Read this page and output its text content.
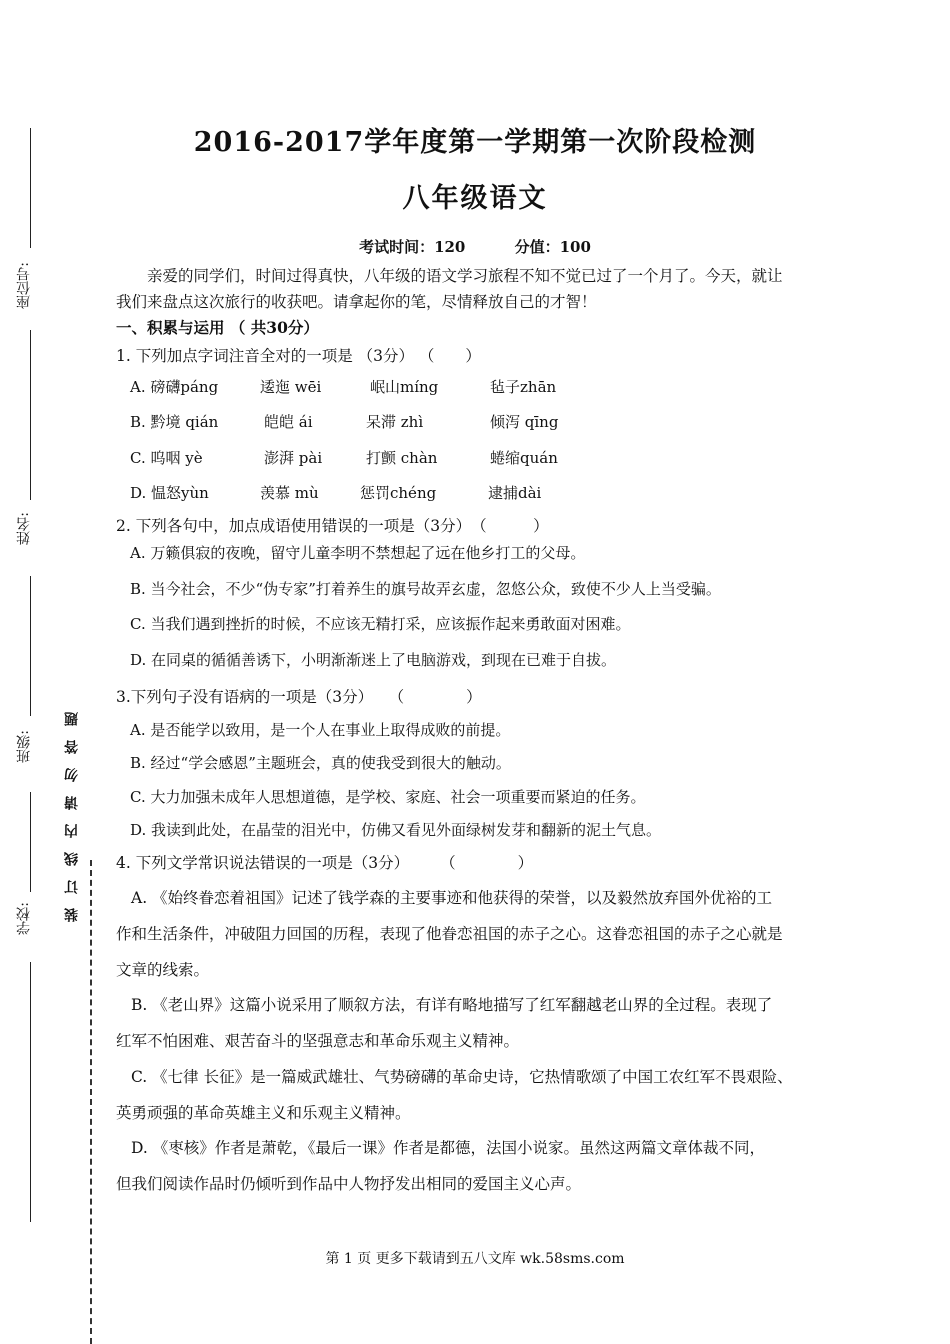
座位号:
姓名:
班级:
学校: 装订线内请勿答题
2016-2017学年度第一学期第一次阶段检测
八年级语文
考试时间：120	分值：100
亲爱的同学们，时间过得真快，八年级的语文学习旅程不知不觉已过了一个月了。今天，就让
我们来盘点这次旅行的收获吧。请拿起你的笔，尽情释放自己的才智！
一、积累与运用 （ 共30分）
1. 下列加点字词注音全对的一项是 （3分） （　　）
A. 磅礴páng	逶迤 wēi	岷山míng	毡子zhān
B. 黔境 qián	皑皑 ái	呆滞 zhì	倾泻 qīng
C. 呜咽 yè	澎湃 pài	打颤 chàn	蜷缩quán
D. 愠怒yùn	羡慕 mù	惩罚chéng	逮捕dài
2. 下列各句中，加点成语使用错误的一项是（3分）　（　　　）
A. 万籁俱寂的夜晚，留守儿童李明不禁想起了远在他乡打工的父母。
B. 当今社会，不少“伪专家”打着养生的旗号故弄玄虚，忽悠公众，致使不少人上当受骗。
C. 当我们遇到挫折的时候，不应该无精打采，应该振作起来勇敢面对困难。
D. 在同桌的循循善诱下，小明渐渐迷上了电脑游戏，到现在已难于自拔。
3.下列句子没有语病的一项是（3分）　　（　　　　）
A. 是否能学以致用，是一个人在事业上取得成败的前提。
B. 经过“学会感恩”主题班会，真的使我受到很大的触动。
C. 大力加强未成年人思想道德，是学校、家庭、社会一项重要而紧迫的任务。
D. 我读到此处，在晶莹的泪光中，仿佛又看见外面绿树发芽和翻新的泥土气息。
4. 下列文学常识说法错误的一项是（3分）　　　（　　　　）
A. 《始终眷恋着祖国》记述了钱学森的主要事迹和他获得的荣誉，以及毅然放弃国外优裕的工
作和生活条件，冲破阻力回国的历程，表现了他眷恋祖国的赤子之心。这眷恋祖国的赤子之心就是
文章的线索。
B. 《老山界》这篇小说采用了顺叙方法，有详有略地描写了红军翻越老山界的全过程。表现了
红军不怕困难、艰苦奋斗的坚强意志和革命乐观主义精神。
C. 《七律 长征》是一篇威武雄壮、气势磅礴的革命史诗，它热情歌颂了中国工农红军不畏艰险、
英勇顽强的革命英雄主义和乐观主义精神。
D. 《枣核》作者是萧乾，《最后一课》作者是都德，法国小说家。虽然这两篇文章体裁不同，
但我们阅读作品时仍倾听到作品中人物抒发出相同的爱国主义心声。
第 1 页 更多下载请到五八文库 wk.58sms.com
